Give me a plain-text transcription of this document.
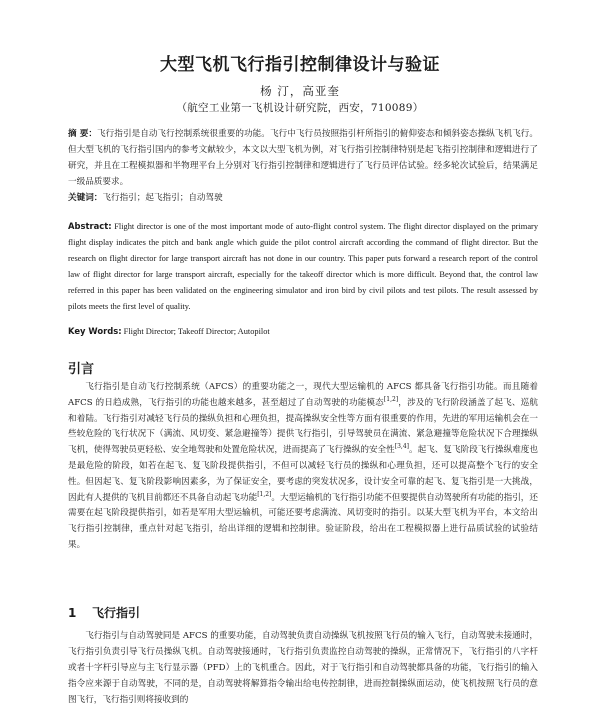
大型飞机飞行指引控制律设计与验证
杨 汀，高亚奎
（航空工业第一飞机设计研究院，西安，710089）

摘 要：飞行指引是自动飞行控制系统很重要的功能。飞行中飞行员按照指引杆所指引的俯仰姿态和倾斜姿态操纵飞机飞行。但大型飞机的飞行指引国内的参考文献较少，本文以大型飞机为例，对飞行指引控制律特别是起飞指引控制律和逻辑进行了研究，并且在工程模拟器和半物理平台上分别对飞行指引控制律和逻辑进行了飞行员评估试验。经多轮次试验后，结果满足一级品质要求。

关键词：飞行指引；起飞指引；自动驾驶

Abstract: Flight director is one of the most important mode of auto-flight control system. The flight director displayed on the primary flight display indicates the pitch and bank angle which guide the pilot control aircraft according the command of flight director. But the research on flight director for large transport aircraft has not done in our country. This paper puts forward a research report of the control law of flight director for large transport aircraft, especially for the takeoff director which is more difficult. Beyond that, the control law referred in this paper has been validated on the engineering simulator and iron bird by civil pilots and test pilots. The result assessed by pilots meets the first level of quality.

Key Words: Flight Director; Takeoff Director; Autopilot

引言

飞行指引是自动飞行控制系统（AFCS）的重要功能之一，现代大型运输机的 AFCS 都具备飞行指引功能。而且随着 AFCS 的日趋成熟，飞行指引的功能也越来越多，甚至超过了自动驾驶的功能模态[1,2]，涉及的飞行阶段涵盖了起飞、巡航和着陆。飞行指引对减轻飞行员的操纵负担和心理负担，提高操纵安全性等方面有很重要的作用，先进的军用运输机会在一些较危险的飞行状况下（满流、风切变、紧急避撞等）提供飞行指引，引导驾驶员在满流、紧急避撞等危险状况下合理操纵飞机，使得驾驶员更轻松、安全地驾驶和处置危险状况，进而提高了飞行操纵的安全性[3,4]。起飞、复飞阶段飞行操纵难度也是最危险的阶段，如若在起飞、复飞阶段提供指引，不但可以减轻飞行员的操纵和心理负担，还可以提高整个飞行的安全性。但因起飞、复飞阶段影响因素多，为了保证安全，要考虑的突发状况多，设计安全可靠的起飞、复飞指引是一大挑战，因此有人提供的飞机目前都还不具备自动起飞功能[1,2]。大型运输机的飞行指引功能不但要提供自动驾驶所有功能的指引，还需要在起飞阶段提供指引，如若是军用大型运输机，可能还要考虑满流、风切变时的指引。以某大型飞机为平台，本文给出飞行指引控制律，重点针对起飞指引，给出详细的逻辑和控制律。验证阶段，给出在工程模拟器上进行品质试验的试验结果。

1 飞行指引

飞行指引与自动驾驶同是 AFCS 的重要功能，自动驾驶负责自动操纵飞机按照飞行员的输入飞行，自动驾驶未接通时，飞行指引负责引导飞行员操纵飞机。自动驾驶接通时，飞行指引负责监控自动驾驶的操纵，正常情况下，飞行指引的八字杆或者十字杆引导应与主飞行显示器（PFD）上的飞机重合。因此，对于飞行指引和自动驾驶都具备的功能，飞行指引的输入指令应来源于自动驾驶，不同的是，自动驾驶将解算指令输出给电传控制律，进而控制操纵面运动，使飞机按照飞行员的意图飞行，飞行指引则将接收到的
